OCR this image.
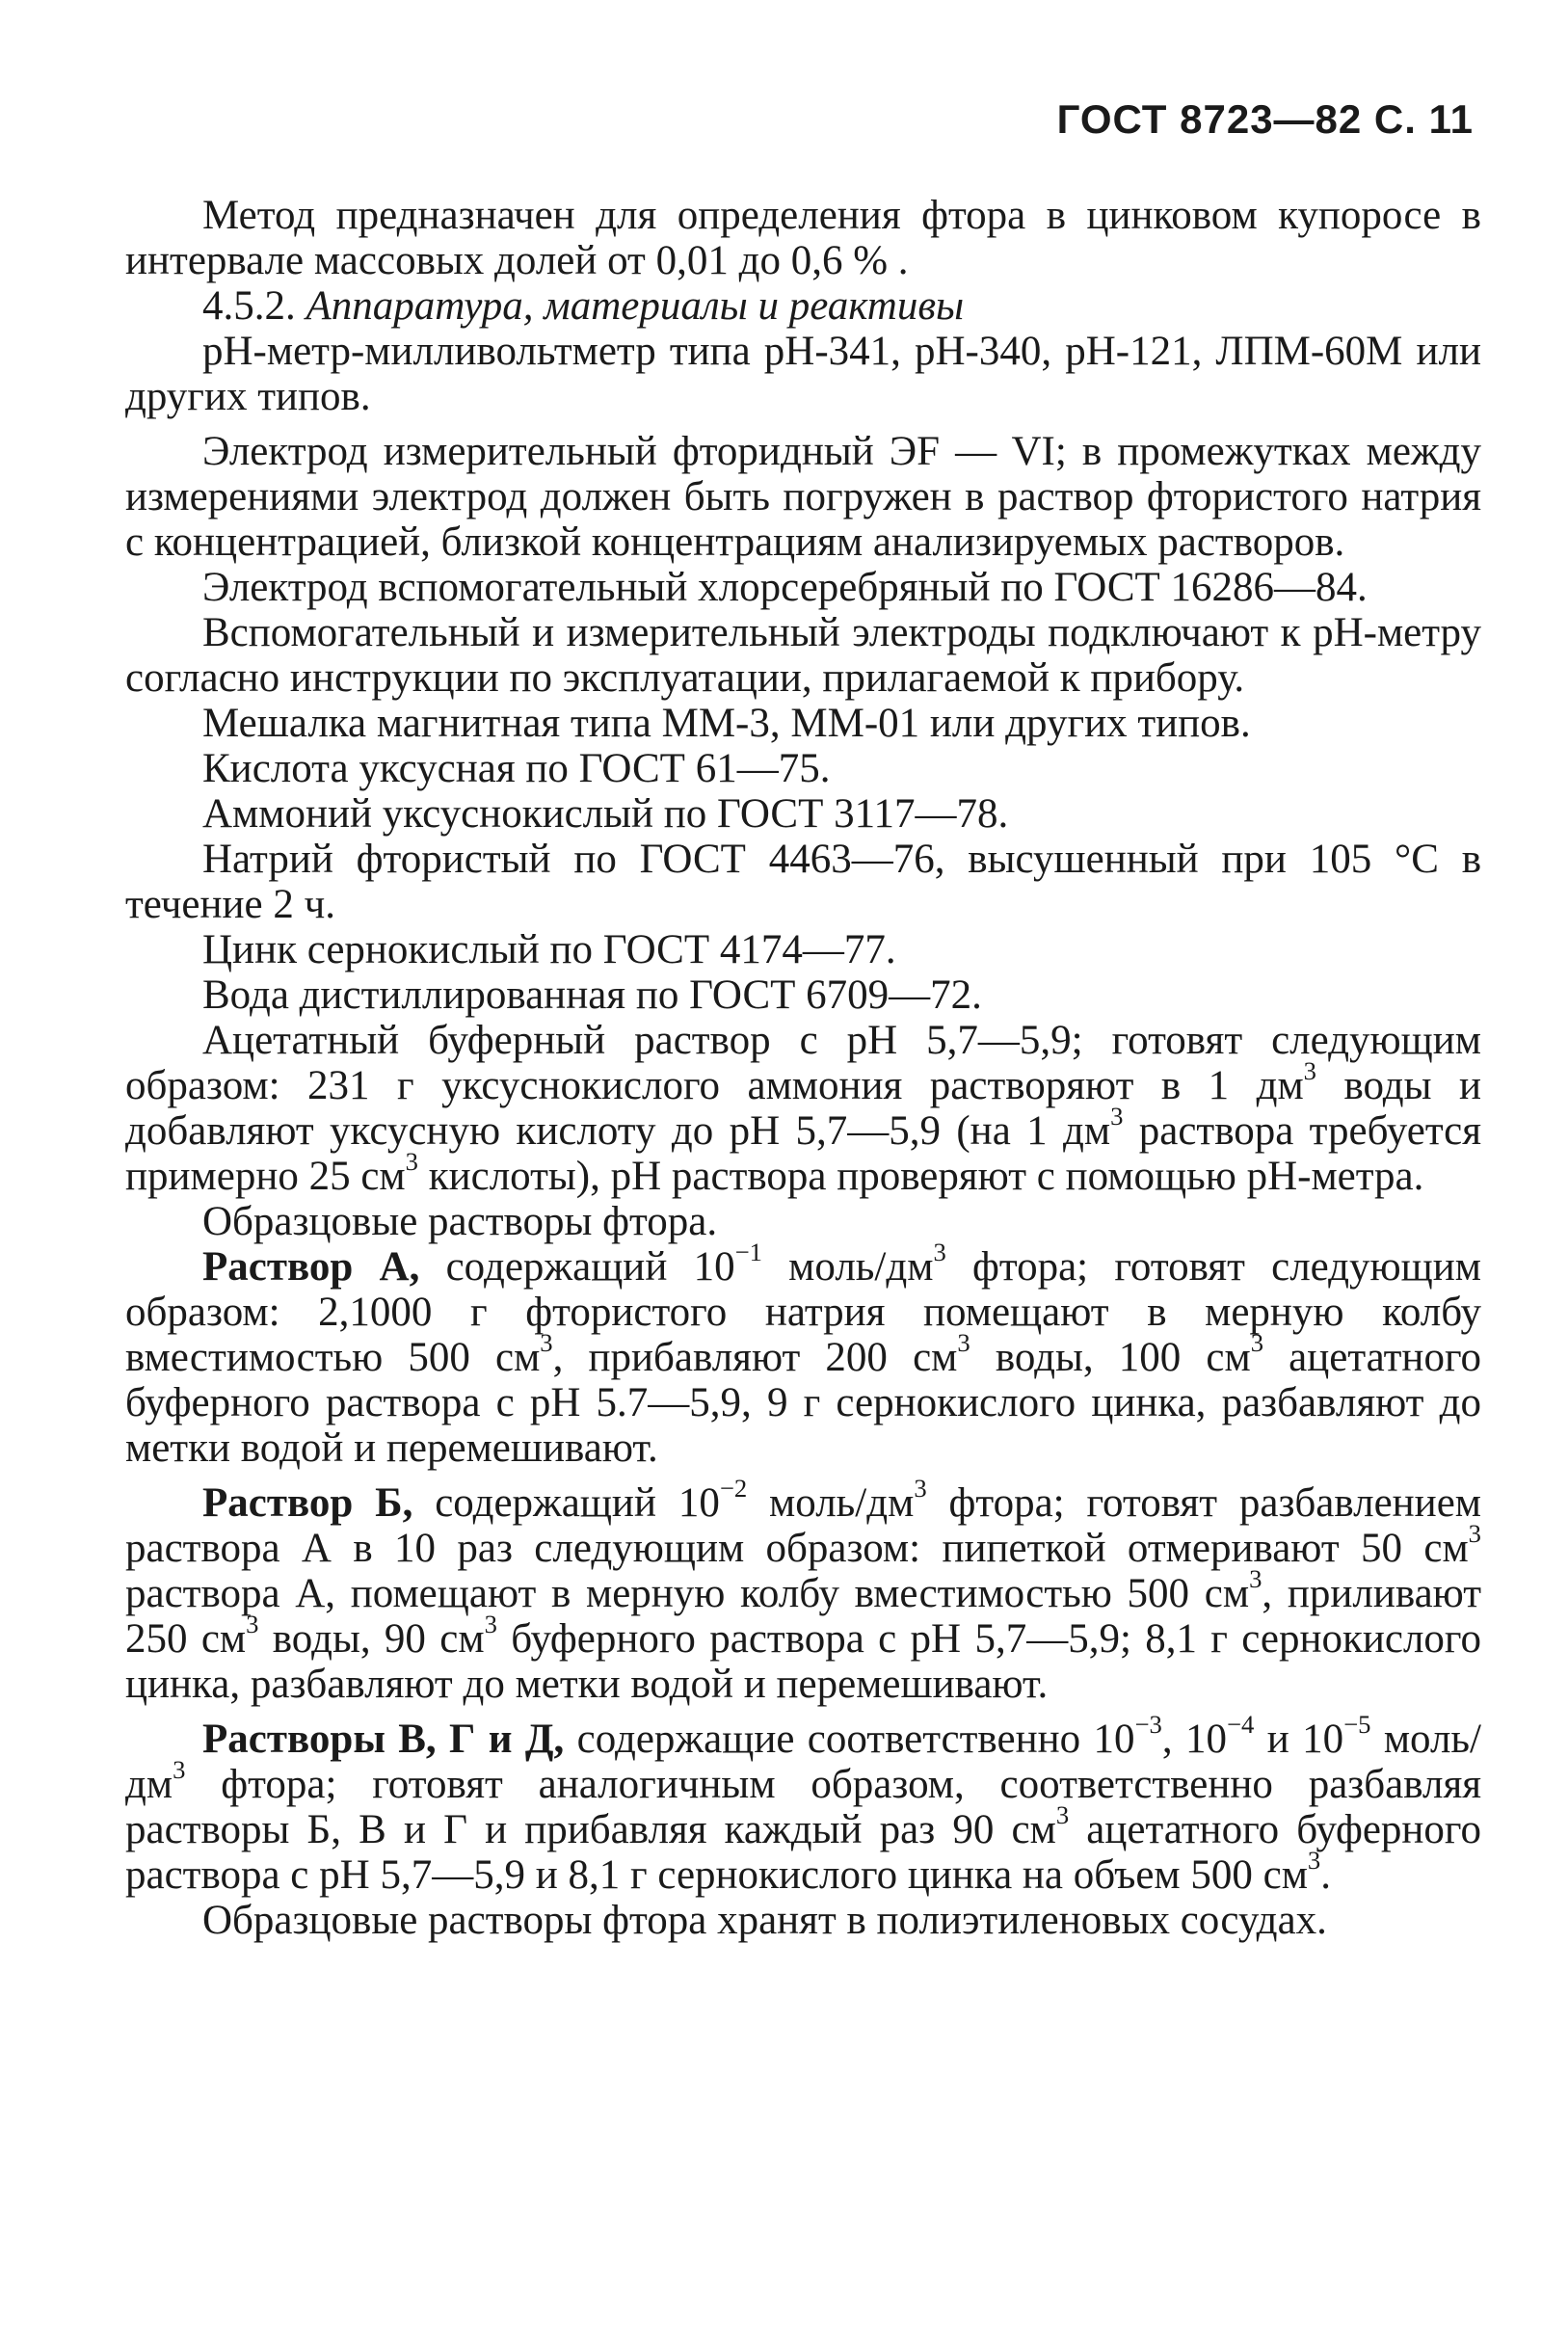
ГОСТ 8723—82 С. 11

Метод предназначен для определения фтора в цинковом купоросе в интервале массовых долей от 0,01 до 0,6 % .

4.5.2. Аппаратура, материалы и реактивы

pH-метр-милливольтметр типа pH-341, pH-340, pH-121, ЛПМ-60М или других типов.

Электрод измерительный фторидный ЭF — VI; в промежутках между измерениями электрод должен быть погружен в раствор фтористого натрия с концентрацией, близкой концентрациям анализируемых растворов.

Электрод вспомогательный хлорсеребряный по ГОСТ 16286—84.

Вспомогательный и измерительный электроды подключают к рН-метру согласно инструкции по эксплуатации, прилагаемой к прибору.

Мешалка магнитная типа ММ-3, ММ-01 или других типов.

Кислота уксусная по ГОСТ 61—75.

Аммоний уксуснокислый по ГОСТ 3117—78.

Натрий фтористый по ГОСТ 4463—76, высушенный при 105 °С в течение 2 ч.

Цинк сернокислый по ГОСТ 4174—77.

Вода дистиллированная по ГОСТ 6709—72.

Ацетатный буферный раствор с рН 5,7—5,9; готовят следующим образом: 231 г уксуснокислого аммония растворяют в 1 $дм^3$ воды и добавляют уксусную кислоту до рН 5,7—5,9 (на 1 $дм^3$ раствора требуется примерно 25 $см^3$ кислоты), рН раствора проверяют с помощью рН-метра.

Образцовые растворы фтора.

Раствор А, содержащий $10^{-1}$ моль/$дм^3$ фтора; готовят следующим образом: 2,1000 г фтористого натрия помещают в мерную колбу вместимостью 500 $см^3$, прибавляют 200 $см^3$ воды, 100 $см^3$ ацетатного буферного раствора с рН 5.7—5,9, 9 г сернокислого цинка, разбавляют до метки водой и перемешивают.

Раствор Б, содержащий $10^{-2}$ моль/$дм^3$ фтора; готовят разбавлением раствора А в 10 раз следующим образом: пипеткой отмеривают 50 $см^3$ раствора А, помещают в мерную колбу вместимостью 500 $см^3$, приливают 250 $см^3$ воды, 90 $см^3$ буферного раствора с рН 5,7—5,9; 8,1 г сернокислого цинка, разбавляют до метки водой и перемешивают.

Растворы В, Г и Д, содержащие соответственно $10^{-3}$, $10^{-4}$ и $10^{-5}$ моль/$дм^3$ фтора; готовят аналогичным образом, соответственно разбавляя растворы Б, В и Г и прибавляя каждый раз 90 $см^3$ ацетатного буферного раствора с рН 5,7—5,9 и 8,1 г сернокислого цинка на объем 500 $см^3$.

Образцовые растворы фтора хранят в полиэтиленовых сосудах.
